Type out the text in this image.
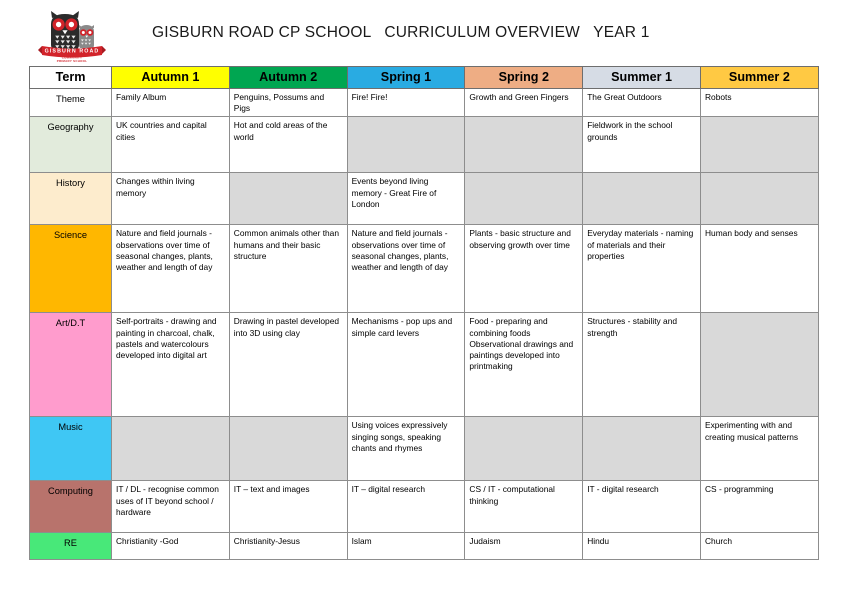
GISBURN ROAD
COMMUNITY
PRIMARY SCHOOL
GISBURN ROAD CP SCHOOL   CURRICULUM OVERVIEW   YEAR 1
Term	Autumn 1	Autumn 2	Spring 1	Spring 2	Summer 1	Summer 2
Theme	Family Album	Penguins, Possums and Pigs	Fire! Fire!	Growth and Green Fingers	The Great Outdoors	Robots
Geography	UK countries and capital cities	Hot and cold areas of the world			Fieldwork in the school grounds	
History	Changes within living memory		Events beyond living memory - Great Fire of London			
Science	Nature and field journals - observations over time of seasonal changes, plants, weather and length of day	Common animals other than humans and their basic structure	Nature and field journals - observations over time of seasonal changes, plants, weather and length of day	Plants - basic structure and observing growth over time	Everyday materials - naming of materials and their properties	Human body and senses
Art/D.T	Self-portraits - drawing and painting in charcoal, chalk, pastels and watercolours developed into digital art	Drawing in pastel developed into 3D using clay	Mechanisms - pop ups and simple card levers	Food - preparing and combining foods Observational drawings and paintings developed into printmaking	Structures - stability and strength	
Music			Using voices expressively singing songs, speaking chants and rhymes			Experimenting with and creating musical patterns
Computing	IT / DL - recognise common uses of IT beyond school / hardware	IT – text and images	IT – digital research	CS / IT - computational thinking	IT - digital research	CS - programming
RE	Christianity -God	Christianity-Jesus	Islam	Judaism	Hindu	Church
